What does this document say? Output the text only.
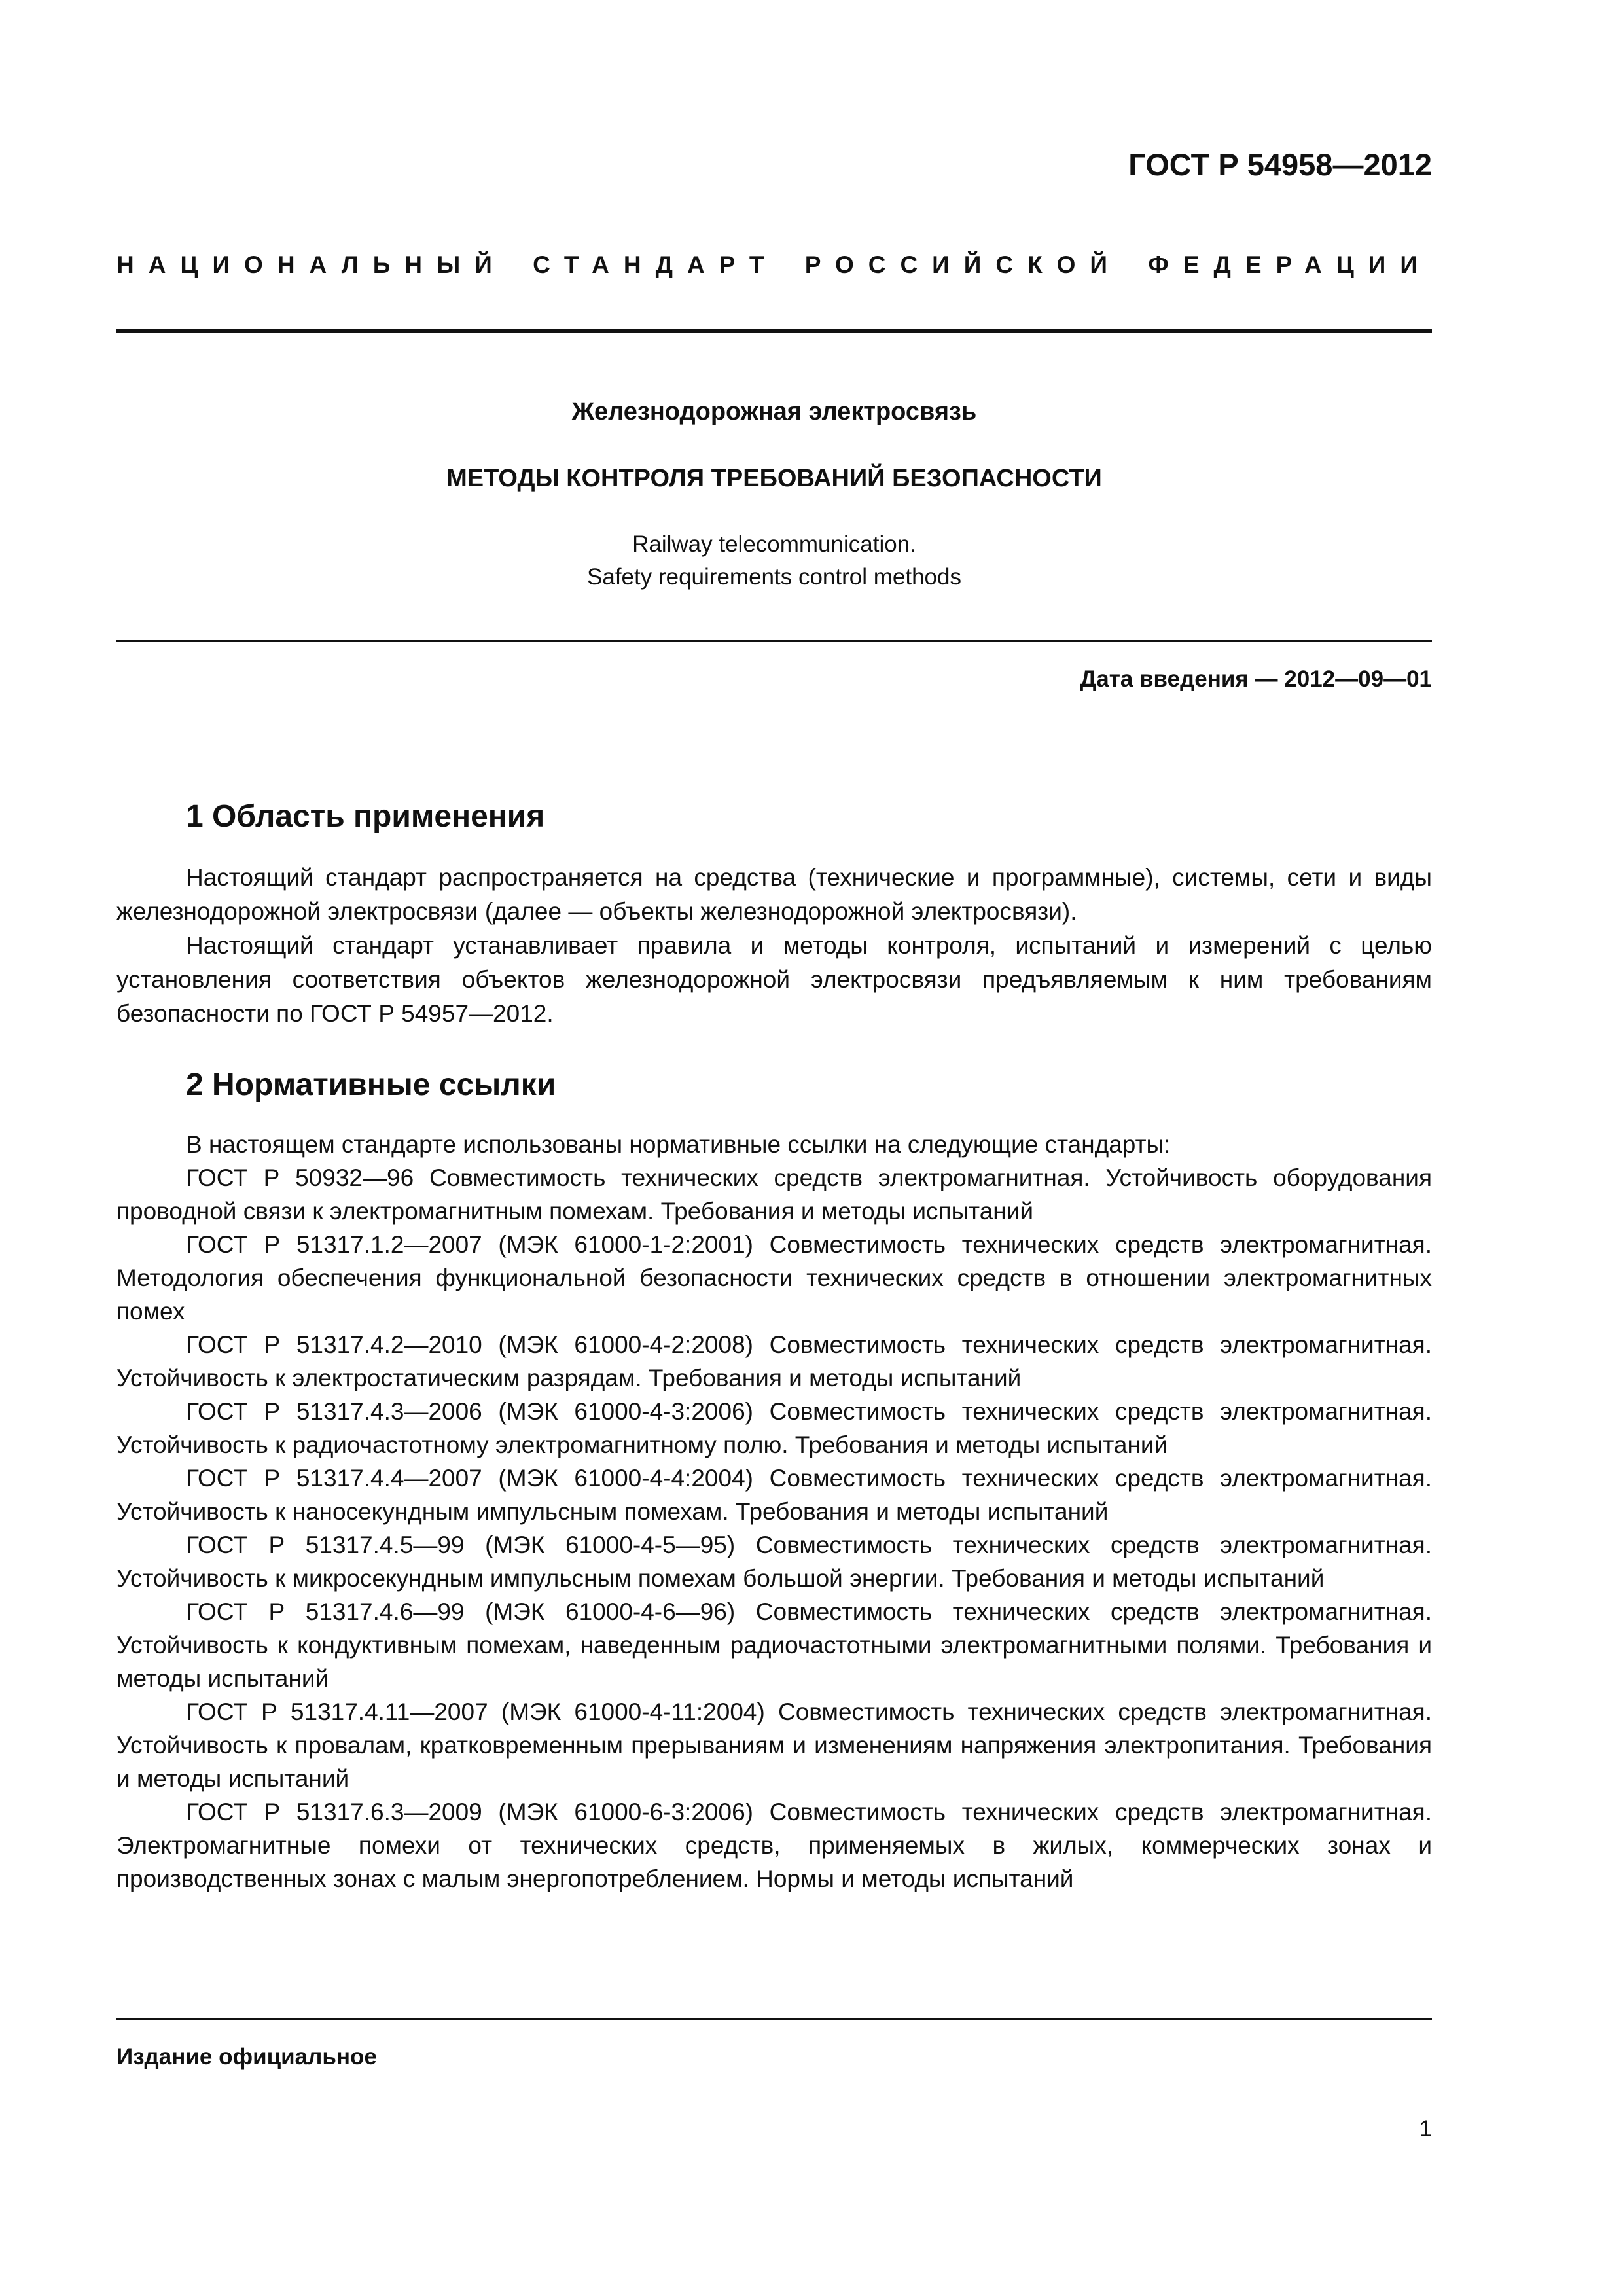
ГОСТ Р 54958—2012
НАЦИОНАЛЬНЫЙ СТАНДАРТ РОССИЙСКОЙ ФЕДЕРАЦИИ
Железнодорожная электросвязь
МЕТОДЫ КОНТРОЛЯ ТРЕБОВАНИЙ БЕЗОПАСНОСТИ
Railway telecommunication.
Safety requirements control methods
Дата введения — 2012—09—01
1 Область применения

Настоящий стандарт распространяется на средства (технические и программные), системы, сети и виды железнодорожной электросвязи (далее — объекты железнодорожной электросвязи).

Настоящий стандарт устанавливает правила и методы контроля, испытаний и измерений с целью установления соответствия объектов железнодорожной электросвязи предъявляемым к ним требованиям безопасности по ГОСТ Р 54957—2012.

2 Нормативные ссылки

В настоящем стандарте использованы нормативные ссылки на следующие стандарты:

ГОСТ Р 50932—96 Совместимость технических средств электромагнитная. Устойчивость оборудования проводной связи к электромагнитным помехам. Требования и методы испытаний

ГОСТ Р 51317.1.2—2007 (МЭК 61000-1-2:2001) Совместимость технических средств электромагнитная. Методология обеспечения функциональной безопасности технических средств в отношении электромагнитных помех

ГОСТ Р 51317.4.2—2010 (МЭК 61000-4-2:2008) Совместимость технических средств электромагнитная. Устойчивость к электростатическим разрядам. Требования и методы испытаний

ГОСТ Р 51317.4.3—2006 (МЭК 61000-4-3:2006) Совместимость технических средств электромагнитная. Устойчивость к радиочастотному электромагнитному полю. Требования и методы испытаний

ГОСТ Р 51317.4.4—2007 (МЭК 61000-4-4:2004) Совместимость технических средств электромагнитная. Устойчивость к наносекундным импульсным помехам. Требования и методы испытаний

ГОСТ Р 51317.4.5—99 (МЭК 61000-4-5—95) Совместимость технических средств электромагнитная. Устойчивость к микросекундным импульсным помехам большой энергии. Требования и методы испытаний

ГОСТ Р 51317.4.6—99 (МЭК 61000-4-6—96) Совместимость технических средств электромагнитная. Устойчивость к кондуктивным помехам, наведенным радиочастотными электромагнитными полями. Требования и методы испытаний

ГОСТ Р 51317.4.11—2007 (МЭК 61000-4-11:2004) Совместимость технических средств электромагнитная. Устойчивость к провалам, кратковременным прерываниям и изменениям напряжения электропитания. Требования и методы испытаний

ГОСТ Р 51317.6.3—2009 (МЭК 61000-6-3:2006) Совместимость технических средств электромагнитная. Электромагнитные помехи от технических средств, применяемых в жилых, коммерческих зонах и производственных зонах с малым энергопотреблением. Нормы и методы испытаний

Издание официальное
1
